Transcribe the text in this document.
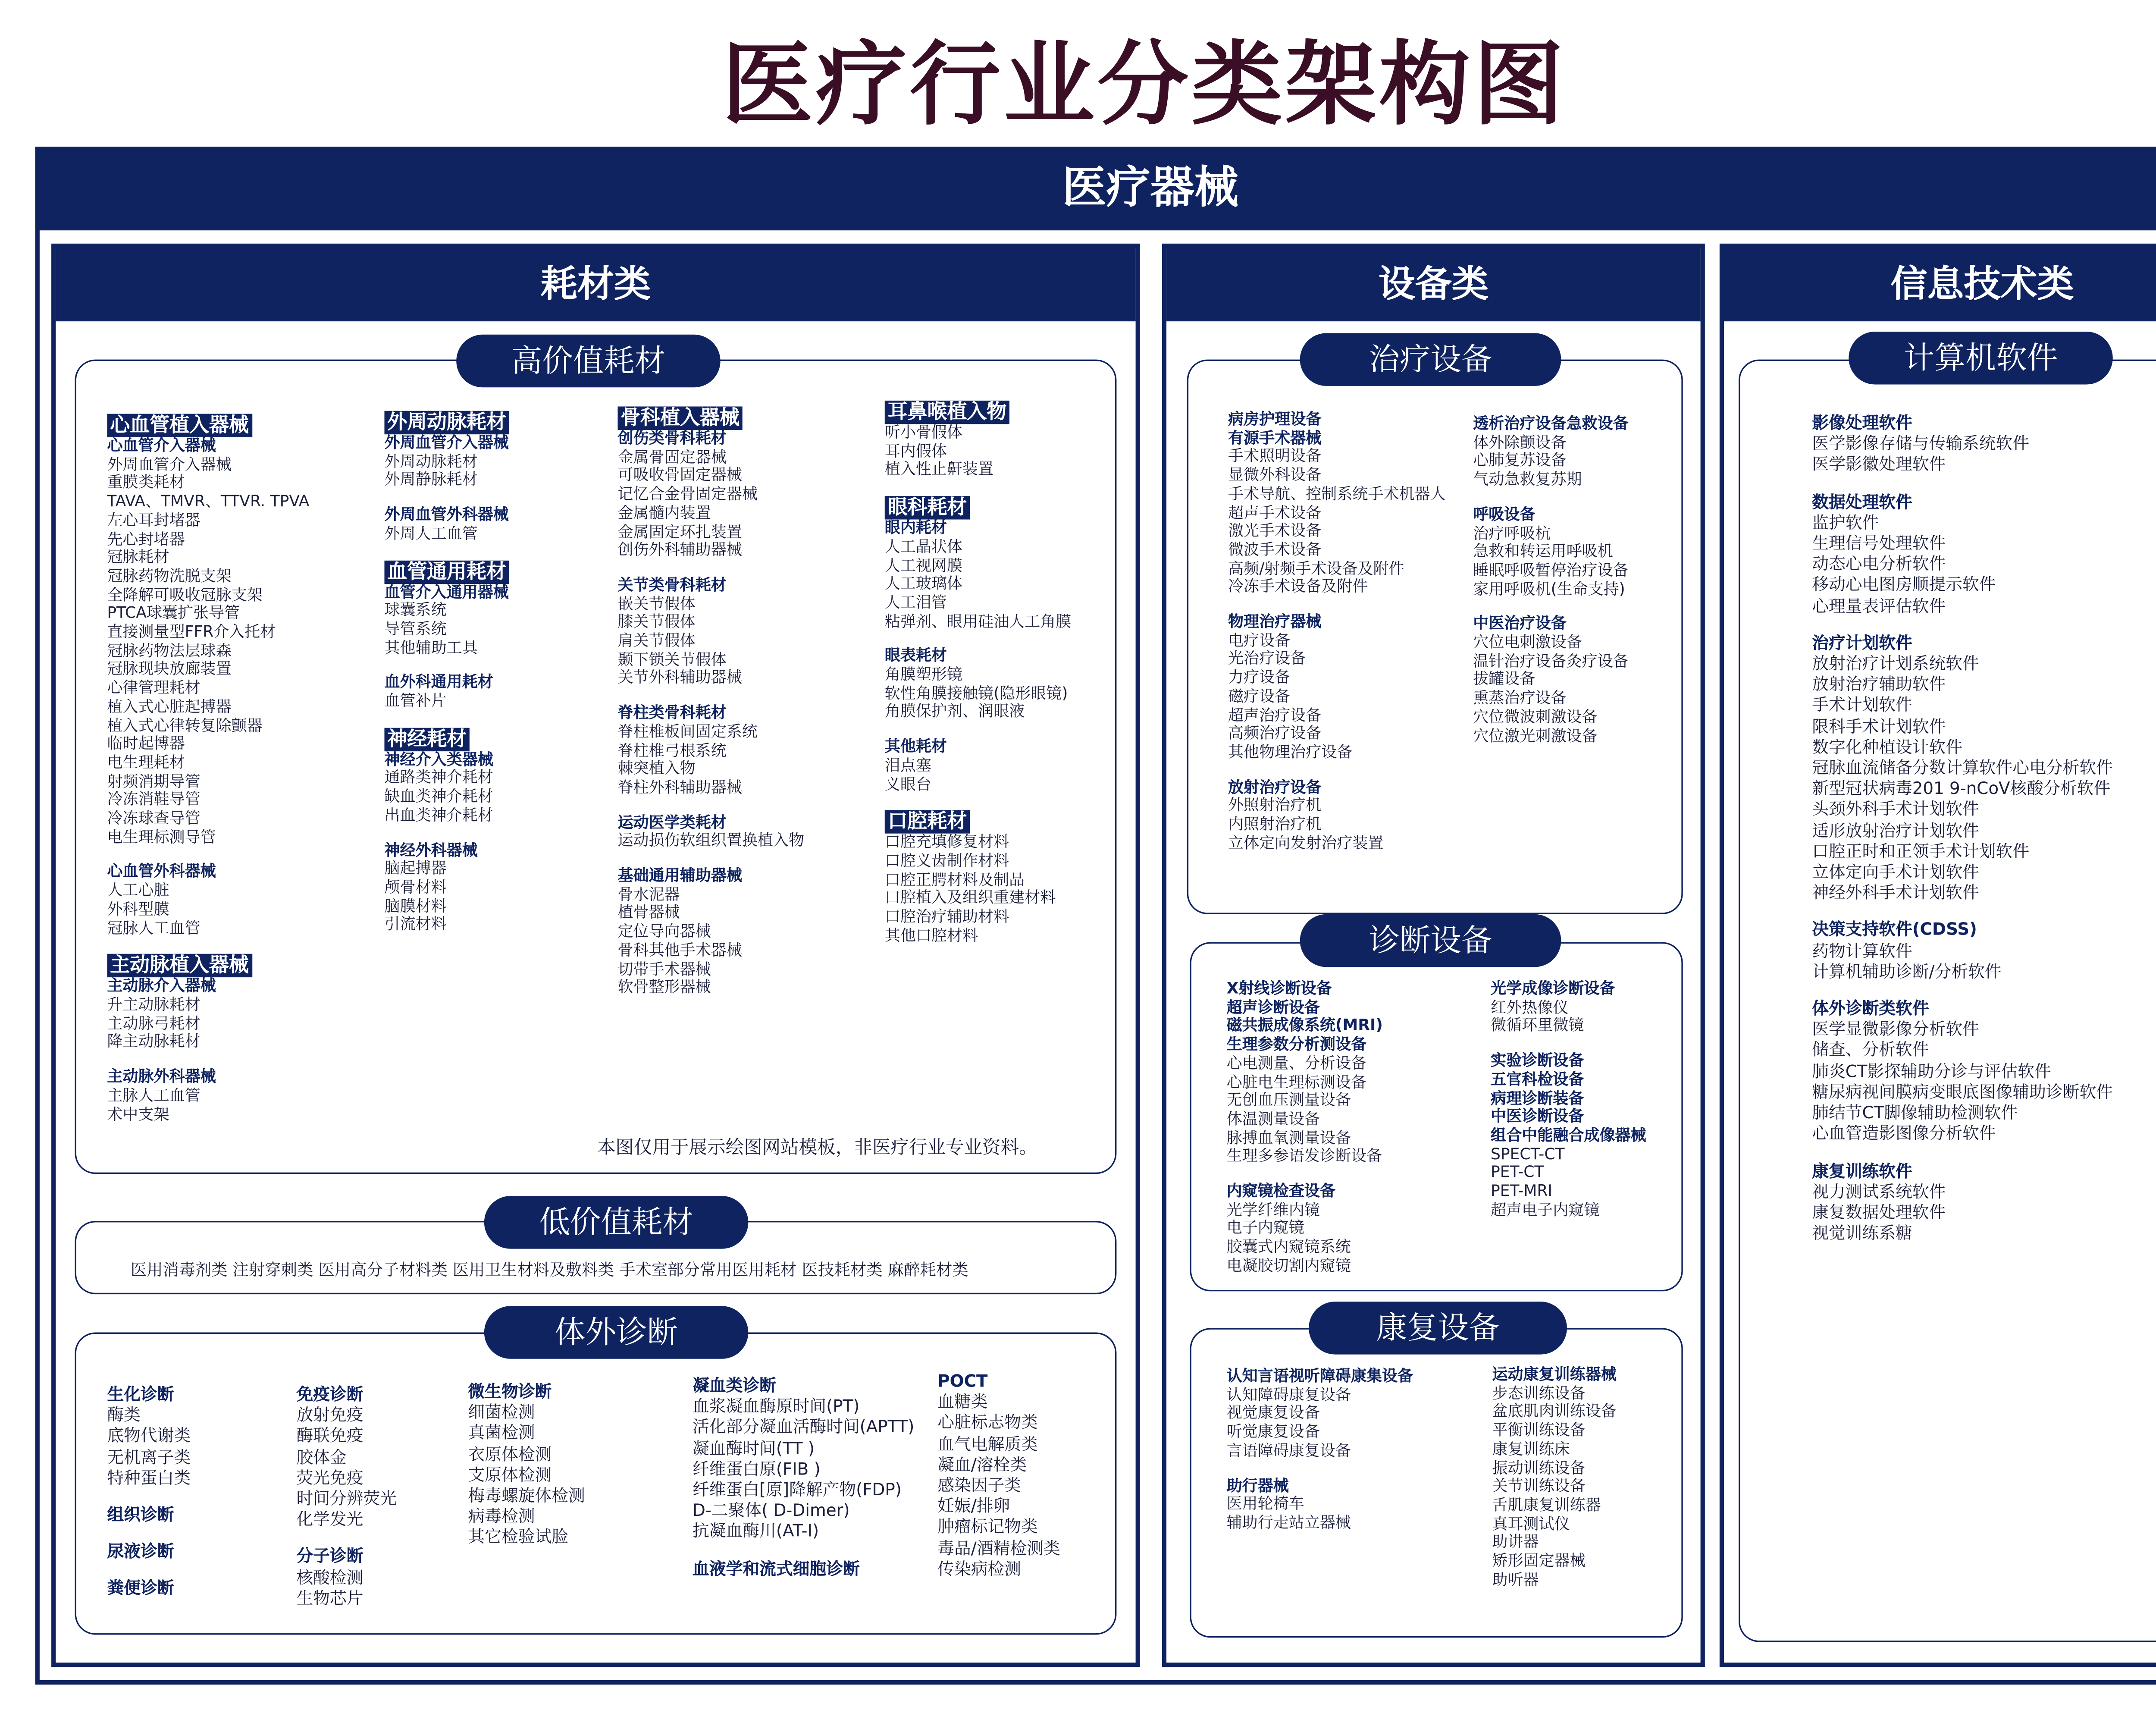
医疗行业分类架构图
医疗器械
耗材类
高价值耗材
心血管植入器械
心血管介入器械
外周血管介入器械
重膜类耗材
TAVA、TMVR、TTVR. TPVA
左心耳封堵器
先心封堵器
冠脉耗材
冠脉药物洗脱支架
全降解可吸收冠脉支架
PTCA球囊扩张导管
直接测量型FFR介入托材
冠脉药物法层球森
冠脉现块放廊装置
心律管理耗材
植入式心脏起搏器
植入式心律转复除颤器
临时起博器
电生理耗材
射频消期导管
冷冻消鞋导管
冷冻球查导管
电生理标测导管
心血管外科器械
人工心脏
外科型膜
冠脉人工血管
主动脉植入器械
主动脉介入器械
升主动脉耗材
主动脉弓耗材
降主动脉耗材
主动脉外科器械
主脉人工血管
术中支架
外周动脉耗材
外周血管介入器械
外周动脉耗材
外周静脉耗材
外周血管外科器械
外周人工血管
血管通用耗材
血管介入通用器械
球囊系统
导管系统
其他辅助工具
血外科通用耗材
血管补片
神经耗材
神经介入类器械
通路类神介耗材
缺血类神介耗材
出血类神介耗材
神经外科器械
脑起搏器
颅骨材料
脑膜材料
引流材料
骨科植入器械
创伤类骨科耗材
金属骨固定器械
可吸收骨固定器械
记忆合金骨固定器械
金属髓内装置
金属固定环扎装置
创伤外科辅助器械
关节类骨科耗材
嵌关节假体
膝关节假体
肩关节假体
颞下锁关节假体
关节外科辅助器械
脊柱类骨科耗材
脊柱椎板间固定系统
脊柱椎弓根系统
棘突植入物
脊柱外科辅助器械
运动医学类耗材
运动损伤软组织置换植入物
基础通用辅助器械
骨水泥器
植骨器械
定位导向器械
骨科其他手术器械
切带手术器械
软骨整形器械
耳鼻喉植入物
听小骨假体
耳内假体
植入性止鼾装置
眼科耗材
眼内耗材
人工晶状体
人工视网膜
人工玻璃体
人工泪管
粘弹剂、眼用硅油人工角膜
眼表耗材
角膜塑形镜
软性角膜接触镜(隐形眼镜)
角膜保护剂、润眼液
其他耗材
泪点塞
义眼台
口腔耗材
口腔充填修复材料
口腔义齿制作材料
口腔正腭材料及制品
口腔植入及组织重建材料
口腔治疗辅助材料
其他口腔材料
本图仅用于展示绘图网站模板，非医疗行业专业资料。
低价值耗材
医用消毒剂类 注射穿刺类 医用高分子材料类 医用卫生材料及敷料类 手术室部分常用医用耗材 医技耗材类 麻醉耗材类
体外诊断
生化诊断
酶类
底物代谢类
无机离子类
特种蛋白类
组织诊断
尿液诊断
粪便诊断
免疫诊断
放射免疫
酶联免疫
胶体金
荧光免疫
时间分辨荧光
化学发光
分子诊断
核酸检测
生物芯片
微生物诊断
细菌检测
真菌检测
衣原体检测
支原体检测
梅毒螺旋体检测
病毒检测
其它检验试脸
凝血类诊断
血浆凝血酶原时间(PT)
活化部分凝血活酶时间(APTT)
凝血酶时间(TT )
纤维蛋白原(FIB )
纤维蛋白[原]降解产物(FDP)
D-二聚体( D-Dimer)
抗凝血酶川(AT-I)
血液学和流式细胞诊断
POCT
血糖类
心脏标志物类
血气电解质类
凝血/溶栓类
感染因子类
妊娠/排卵
肿瘤标记物类
毒品/酒精检测类
传染病检测
设备类
治疗设备
病房护理设备
有源手术器械
手术照明设备
显微外科设备
手术导航、控制系统手术机器人
超声手术设备
激光手术设备
微波手术设备
高频/射频手术设备及附件
冷冻手术设备及附件
物理治疗器械
电疗设备
光治疗设备
力疗设备
磁疗设备
超声治疗设备
高频治疗设备
其他物理治疗设备
放射治疗设备
外照射治疗机
内照射治疗机
立体定向发射治疗装置
透析治疗设备急救设备
体外除颤设备
心肺复苏设备
气动急救复苏期
呼吸设备
治疗呼吸杭
急救和转运用呼吸机
睡眠呼吸暂停治疗设备
家用呼吸机(生命支持)
中医治疗设备
穴位电刺激设备
温针治疗设备灸疗设备
拔罐设备
熏蒸治疗设备
穴位微波刺激设备
穴位激光刺激设备
诊断设备
X射线诊断设备
超声诊断设备
磁共振成像系统(MRI)
生理参数分析测设备
心电测量、分析设备
心脏电生理标测设备
无创血压测量设备
体温测量设备
脉搏血氧测量设备
生理多参语发诊断设备
内窥镜检查设备
光学纤维内镜
电子内窥镜
胶囊式内窥镜系统
电凝胶切割内窥镜
光学成像诊断设备
红外热像仪
微循环里微镜
实验诊断设备
五官科检设备
病理诊断装备
中医诊断设备
组合中能融合成像器械
SPECT-CT
PET-CT
PET-MRI
超声电子内窥镜
康复设备
认知言语视听障碍康集设备
认知障碍康复设备
视觉康复设备
听觉康复设备
言语障碍康复设备
助行器械
医用轮椅车
辅助行走站立器械
运动康复训练器械
步态训练设备
盆底肌肉训练设备
平衡训练设备
康复训练床
振动训练设备
关节训练设备
舌肌康复训练器
真耳测试仪
助讲器
矫形固定器械
助听器
信息技术类
计算机软件
影像处理软件
医学影像存储与传输系统软件
医学影徽处理软件
数据处理软件
监护软件
生理信号处理软件
动态心电分析软件
移动心电图房顺提示软件
心理量表评估软件
治疗计划软件
放射治疗计划系统软件
放射治疗辅助软件
手术计划软件
限科手术计划软件
数字化种植设计软件
冠脉血流储备分数计算软件心电分析软件
新型冠状病毒201 9-nCoV核酸分析软件
头颈外科手术计划软件
适形放射治疗计划软件
口腔正时和正领手术计划软件
立体定向手术计划软件
神经外科手术计划软件
决策支持软件(CDSS)
药物计算软件
计算机辅助诊断/分析软件
体外诊断类软件
医学显微影像分析软件
储查、分析软件
肺炎CT影探辅助分诊与评估软件
糖尿病视间膜病变眼底图像辅助诊断软件
肺结节CT脚像辅助检测软件
心血管造影图像分析软件
康复训练软件
视力测试系统软件
康复数据处理软件
视觉训练系糖
